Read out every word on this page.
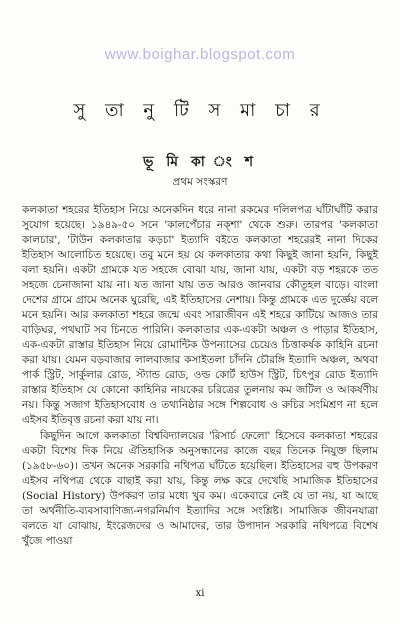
www.boighar.blogspot.com
সু তা নু টি স মা চা র
ভূ মি কা ং শ
প্রথম সংস্করণ

কলকাতা শহরের ইতিহাস নিয়ে অনেকদিন ধরে নানা রকমের দলিলপত্র ঘাঁটাঘাঁটি করার সুযোগ হয়েছে। ১৯৪৯-৫০ সনে 'কালপেঁচার নক্শা' থেকে শুরু। তারপর 'কলকাতা কালচার', 'টাউন কলকাতার কড়চা' ইত্যাদি বইতে কলকাতা শহরেরই নানা দিকের ইতিহাস আলোচিত হয়েছে। তবু মনে হয় যে কলকাতার কথা কিছুই জানা হয়নি, কিছুই বলা হয়নি। একটা গ্রামকে যত সহজে বোঝা যায়, জানা যায়, একটা বড় শহরকে তত সহজে চেনাজানা যায় না। যত জানা যায় তত আরও জানবার কৌতূহল বাড়ে। বাংলা দেশের গ্রামে গ্রামে অনেক ঘুরেছি, এই ইতিহাসের নেশায়। কিন্তু গ্রামকে এত দুর্জ্ঞেয় বলে মনে হয়নি। আর কলকাতা শহরে জন্মে এবং সারাজীবন এই শহরে কাটিয়ে আজও তার বাড়িঘর, পথঘাট সব চিনতে পারিনি। কলকাতার এক-একটা অঞ্চল ও পাড়ার ইতিহাস, এক-একটা রাস্তার ইতিহাস নিয়ে রোমান্টিক উপন্যাসের চেয়েও চিত্তাকর্ষক কাহিনি রচনা করা যায়। যেমন বড়বাজার লালবাজার কসাইতলা চাঁদনি চৌরঙ্গি ইত্যাদি অঞ্চল, অথবা পার্ক স্ট্রিট, সার্কুলার রোড, স্ট্যান্ড রোড, ওল্ড কোর্ট হাউস স্ট্রিট, চিৎপুর রোড ইত্যাদি রাস্তার ইতিহাস যে কোনো কাহিনির নায়কের চরিত্রের তুলনায় কম জটিল ও আকর্ষণীয় নয়। কিন্তু সজাগ ইতিহাসবোধ ও তথ্যনিষ্ঠার সঙ্গে শিল্পবোধ ও রুচির সংমিশ্রণ না হলে এইসব ইতিবৃত্ত রচনা করা যায় না।

কিছুদিন আগে কলকাতা বিশ্ববিদ্যালয়ের 'রিসার্চ ফেলো' হিসেবে কলকাতা শহরের একটা বিশেষ দিক নিয়ে ঐতিহাসিক অনুসন্ধানের কাজে বছর তিনেক নিযুক্ত ছিলাম (১৯৫৮-৬০)। তখন অনেক সরকারি নথিপত্র ঘাঁটতে হয়েছিল। ইতিহাসের বহু উপকরণ এইসব নথিপত্র থেকে বাছাই করা যায়, কিন্তু লক্ষ করে দেখেছি সামাজিক ইতিহাসের (Social History) উপকরণ তার মধ্যে খুব কম। একেবারে নেই যে তা নয়, যা আছে তা অর্থনীতি-ব্যবসাবাণিজ্য-নগরনির্মাণ ইত্যাদির সঙ্গে সংশ্লিষ্ট। সামাজিক জীবনযাত্রা বলতে যা বোঝায়, ইংরেজদের ও আমাদের, তার উপাদান সরকারি নথিপত্রে বিশেষ খুঁজে পাওয়া

xi
